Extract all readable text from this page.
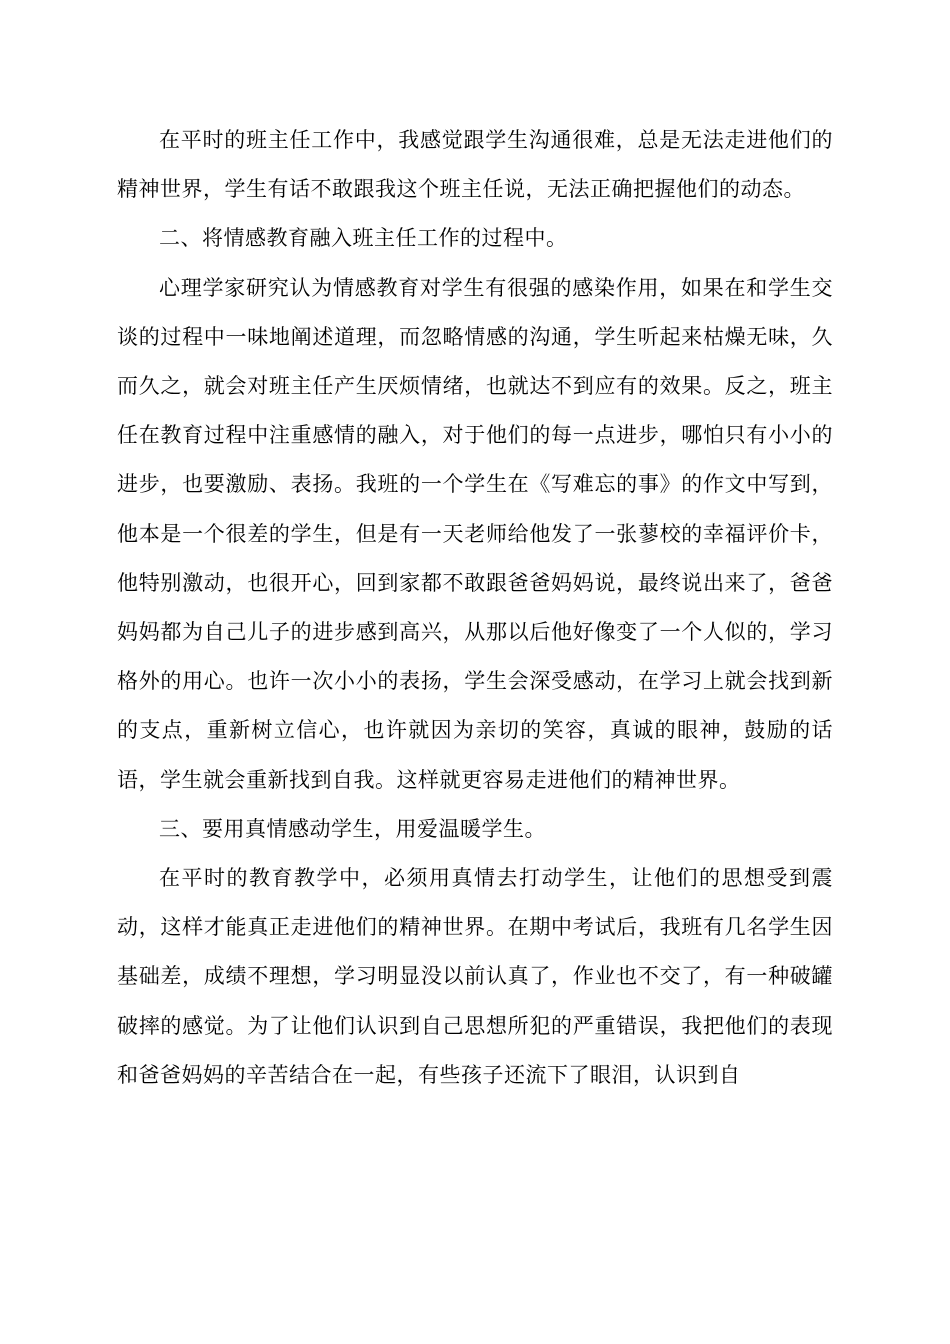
在平时的班主任工作中，我感觉跟学生沟通很难，总是无法走进他们的精神世界，学生有话不敢跟我这个班主任说，无法正确把握他们的动态。

二、将情感教育融入班主任工作的过程中。

心理学家研究认为情感教育对学生有很强的感染作用，如果在和学生交谈的过程中一味地阐述道理，而忽略情感的沟通，学生听起来枯燥无味，久而久之，就会对班主任产生厌烦情绪，也就达不到应有的效果。反之，班主任在教育过程中注重感情的融入，对于他们的每一点进步，哪怕只有小小的进步，也要激励、表扬。我班的一个学生在《写难忘的事》的作文中写到，他本是一个很差的学生，但是有一天老师给他发了一张蓼校的幸福评价卡，他特别激动，也很开心，回到家都不敢跟爸爸妈妈说，最终说出来了，爸爸妈妈都为自己儿子的进步感到高兴，从那以后他好像变了一个人似的，学习格外的用心。也许一次小小的表扬，学生会深受感动，在学习上就会找到新的支点，重新树立信心，也许就因为亲切的笑容，真诚的眼神，鼓励的话语，学生就会重新找到自我。这样就更容易走进他们的精神世界。

三、要用真情感动学生，用爱温暖学生。

在平时的教育教学中，必须用真情去打动学生，让他们的思想受到震动，这样才能真正走进他们的精神世界。在期中考试后，我班有几名学生因基础差，成绩不理想，学习明显没以前认真了，作业也不交了，有一种破罐破摔的感觉。为了让他们认识到自己思想所犯的严重错误，我把他们的表现和爸爸妈妈的辛苦结合在一起，有些孩子还流下了眼泪，认识到自
